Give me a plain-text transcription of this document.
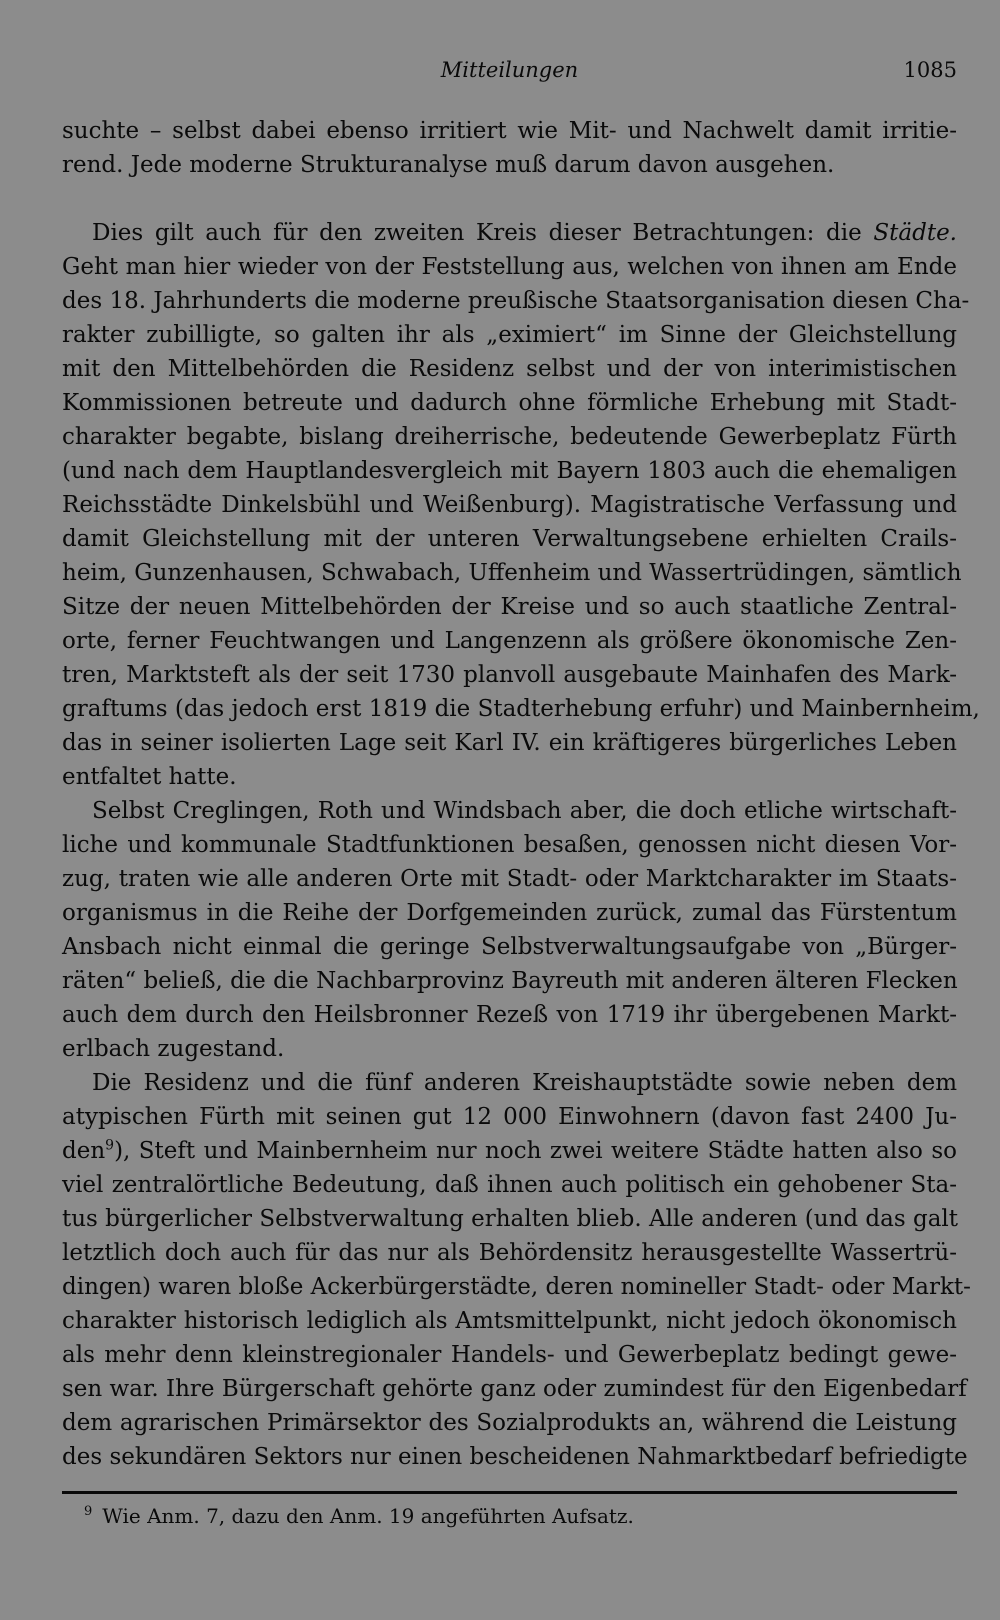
Mitteilungen	1085
suchte – selbst dabei ebenso irritiert wie Mit- und Nachwelt damit irritie-
rend. Jede moderne Strukturanalyse muß darum davon ausgehen.
Dies gilt auch für den zweiten Kreis dieser Betrachtungen: die Städte.
Geht man hier wieder von der Feststellung aus, welchen von ihnen am Ende
des 18. Jahrhunderts die moderne preußische Staatsorganisation diesen Cha-
rakter zubilligte, so galten ihr als „eximiert“ im Sinne der Gleichstellung
mit den Mittelbehörden die Residenz selbst und der von interimistischen
Kommissionen betreute und dadurch ohne förmliche Erhebung mit Stadt-
charakter begabte, bislang dreiherrische, bedeutende Gewerbeplatz Fürth
(und nach dem Hauptlandesvergleich mit Bayern 1803 auch die ehemaligen
Reichsstädte Dinkelsbühl und Weißenburg). Magistratische Verfassung und
damit Gleichstellung mit der unteren Verwaltungsebene erhielten Crails-
heim, Gunzenhausen, Schwabach, Uffenheim und Wassertrüdingen, sämtlich
Sitze der neuen Mittelbehörden der Kreise und so auch staatliche Zentral-
orte, ferner Feuchtwangen und Langenzenn als größere ökonomische Zen-
tren, Marktsteft als der seit 1730 planvoll ausgebaute Mainhafen des Mark-
graftums (das jedoch erst 1819 die Stadterhebung erfuhr) und Mainbernheim,
das in seiner isolierten Lage seit Karl IV. ein kräftigeres bürgerliches Leben
entfaltet hatte.
Selbst Creglingen, Roth und Windsbach aber, die doch etliche wirtschaft-
liche und kommunale Stadtfunktionen besaßen, genossen nicht diesen Vor-
zug, traten wie alle anderen Orte mit Stadt- oder Marktcharakter im Staats-
organismus in die Reihe der Dorfgemeinden zurück, zumal das Fürstentum
Ansbach nicht einmal die geringe Selbstverwaltungsaufgabe von „Bürger-
räten“ beließ, die die Nachbarprovinz Bayreuth mit anderen älteren Flecken
auch dem durch den Heilsbronner Rezeß von 1719 ihr übergebenen Markt-
erlbach zugestand.
Die Residenz und die fünf anderen Kreishauptstädte sowie neben dem
atypischen Fürth mit seinen gut 12 000 Einwohnern (davon fast 2400 Ju-
den$^9$), Steft und Mainbernheim nur noch zwei weitere Städte hatten also so
viel zentralörtliche Bedeutung, daß ihnen auch politisch ein gehobener Sta-
tus bürgerlicher Selbstverwaltung erhalten blieb. Alle anderen (und das galt
letztlich doch auch für das nur als Behördensitz herausgestellte Wassertrü-
dingen) waren bloße Ackerbürgerstädte, deren nomineller Stadt- oder Markt-
charakter historisch lediglich als Amtsmittelpunkt, nicht jedoch ökonomisch
als mehr denn kleinstregionaler Handels- und Gewerbeplatz bedingt gewe-
sen war. Ihre Bürgerschaft gehörte ganz oder zumindest für den Eigenbedarf
dem agrarischen Primärsektor des Sozialprodukts an, während die Leistung
des sekundären Sektors nur einen bescheidenen Nahmarktbedarf befriedigte
$^9$ Wie Anm. 7, dazu den Anm. 19 angeführten Aufsatz.
